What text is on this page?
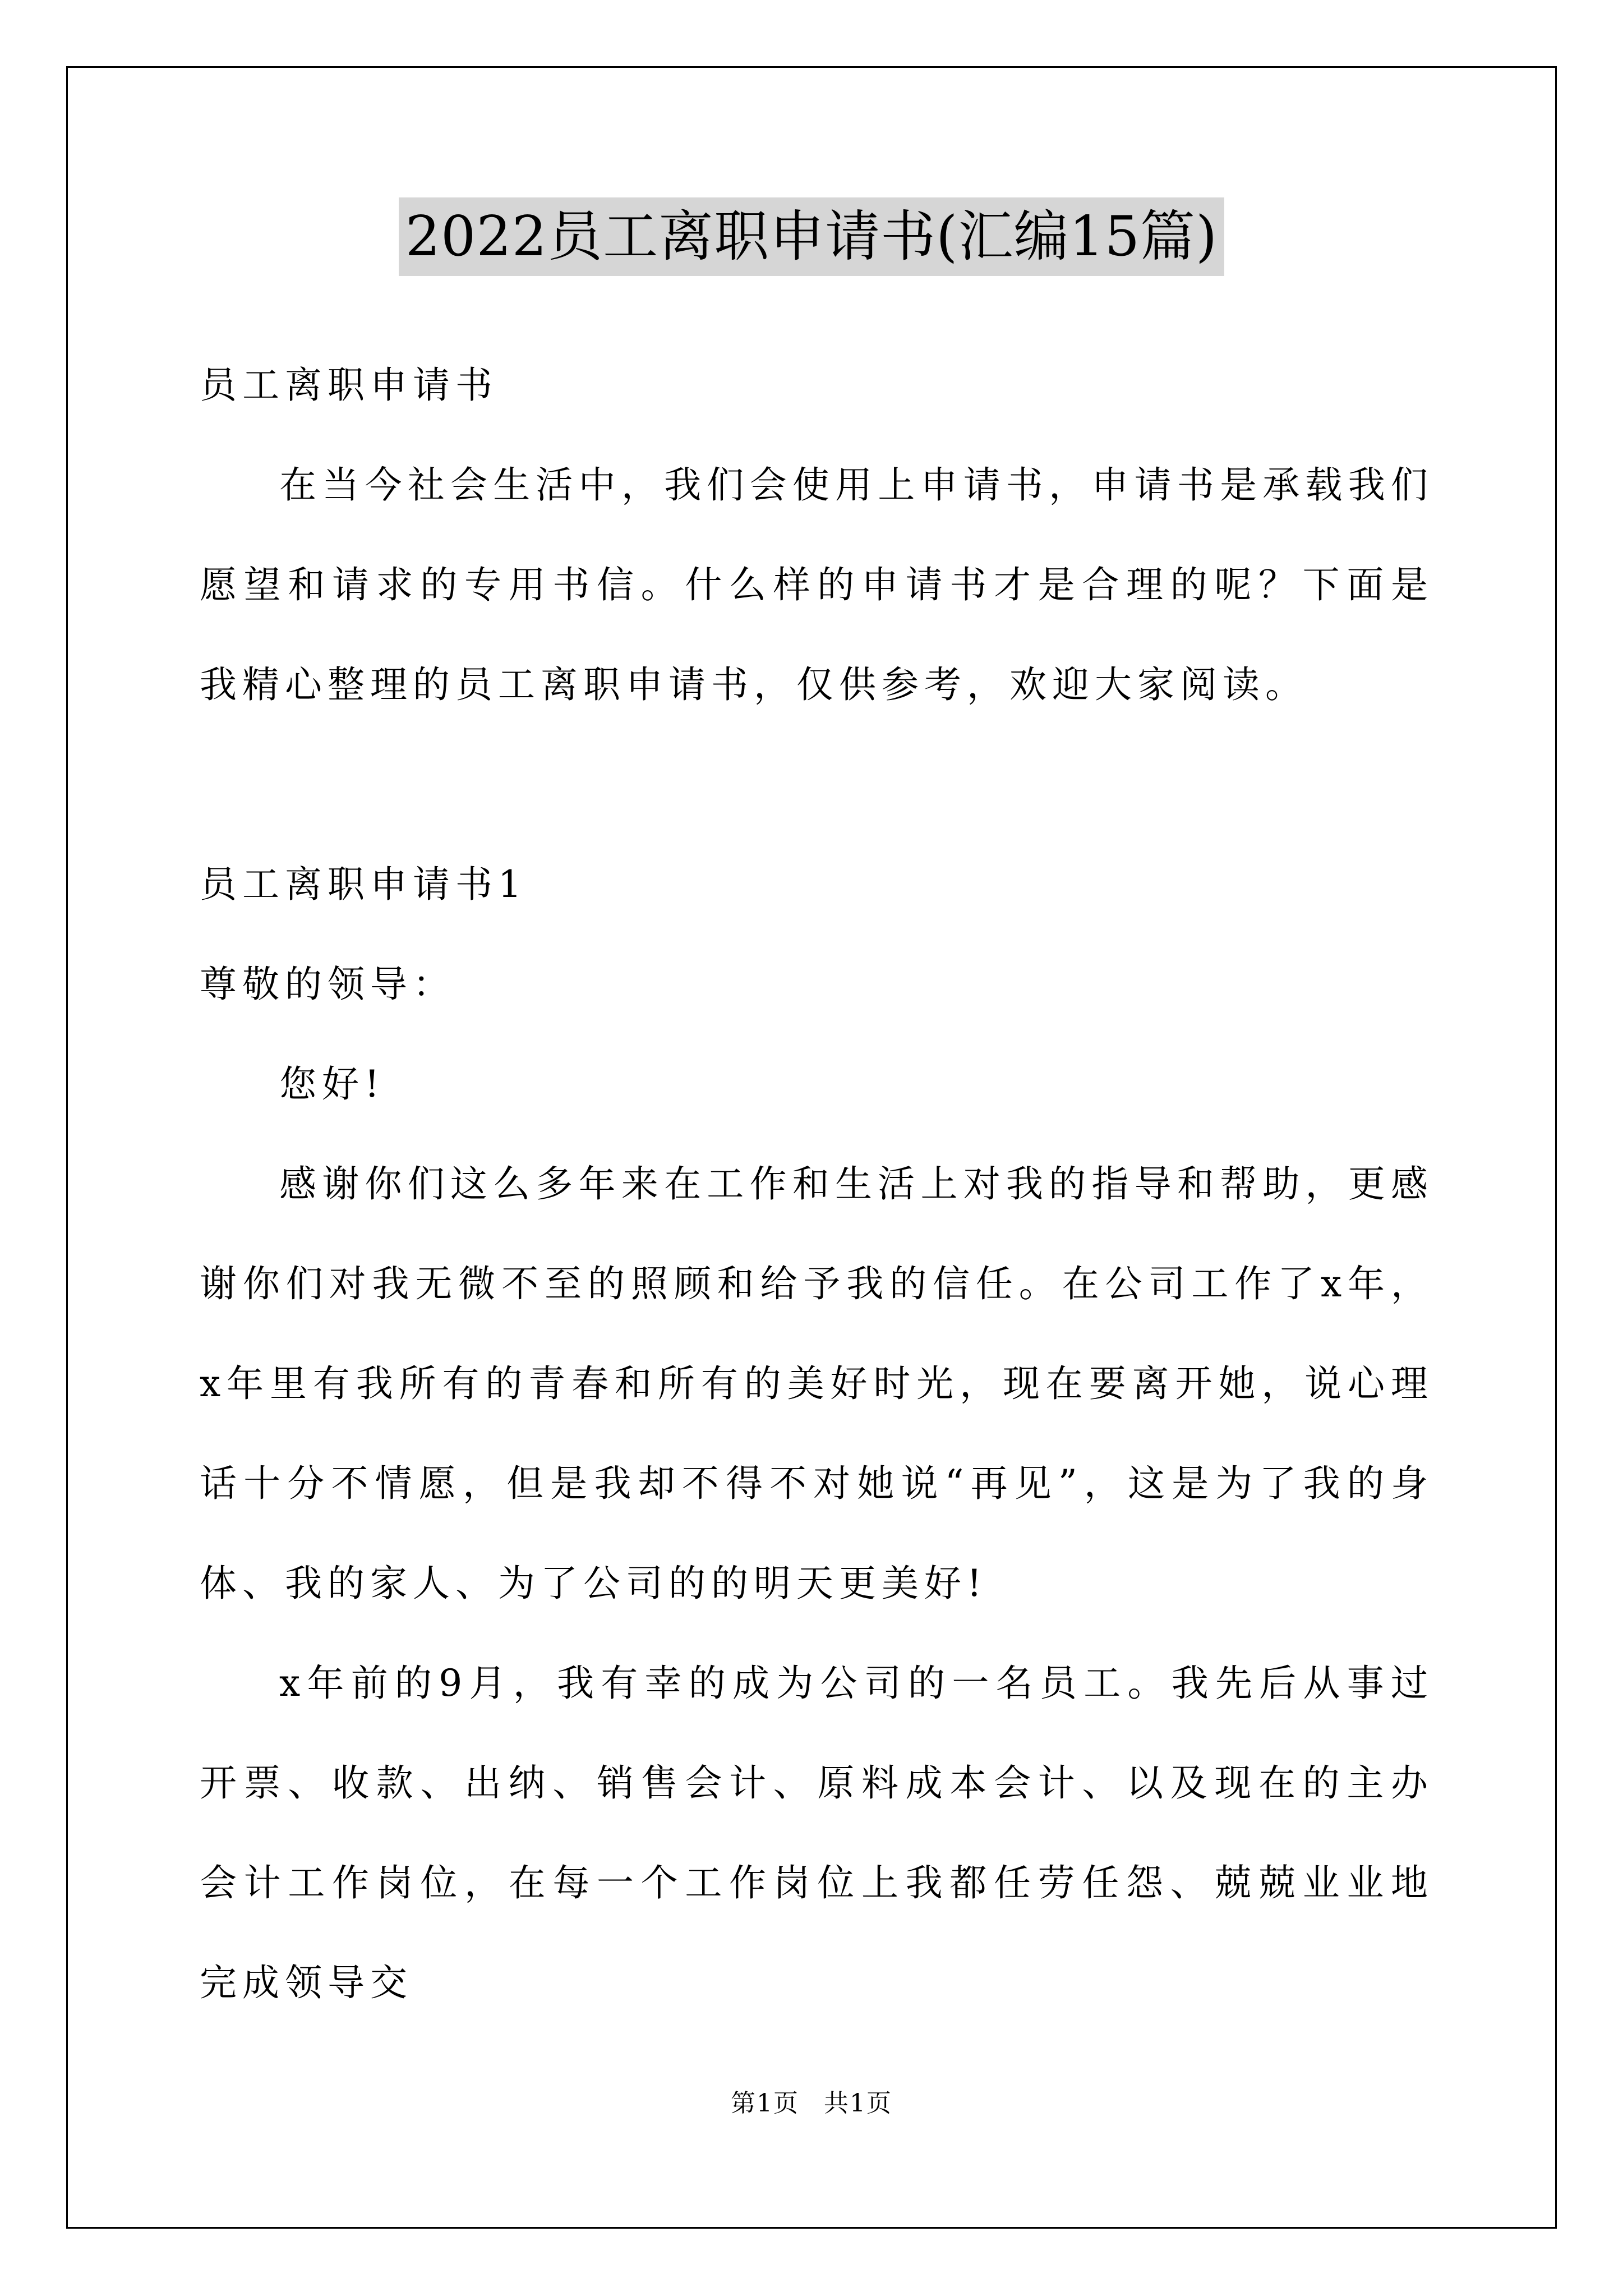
2022员工离职申请书(汇编15篇)

员工离职申请书

在当今社会生活中，我们会使用上申请书，申请书是承载我们愿望和请求的专用书信。什么样的申请书才是合理的呢？下面是我精心整理的员工离职申请书，仅供参考，欢迎大家阅读。

员工离职申请书1

尊敬的领导：

您好!

感谢你们这么多年来在工作和生活上对我的指导和帮助，更感谢你们对我无微不至的照顾和给予我的信任。在公司工作了x年，x年里有我所有的青春和所有的美好时光，现在要离开她，说心理话十分不情愿，但是我却不得不对她说“再见”，这是为了我的身体、我的家人、为了公司的的明天更美好!

x年前的9月，我有幸的成为公司的一名员工。我先后从事过开票、收款、出纳、销售会计、原料成本会计、以及现在的主办会计工作岗位，在每一个工作岗位上我都任劳任怨、兢兢业业地完成领导交

第1页 共1页
